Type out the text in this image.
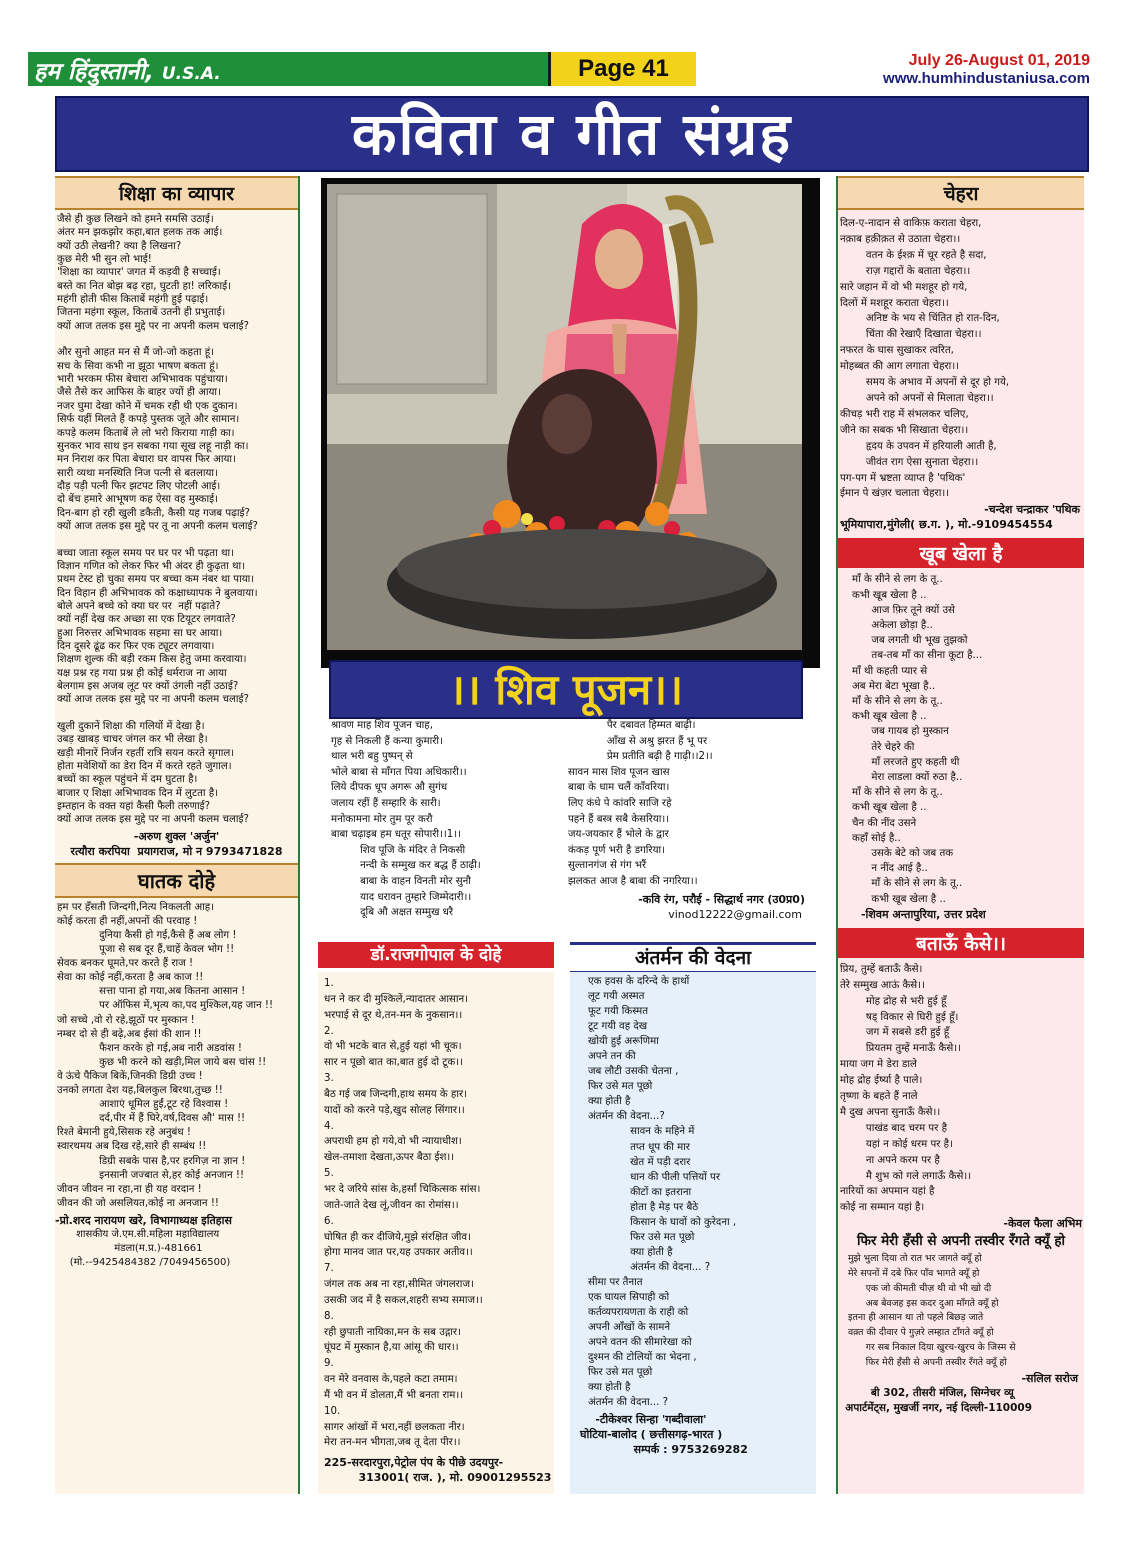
हम हिंदुस्तानी, U.S.A.	Page 41	July 26-August 01, 2019
www.humhindustaniusa.com
कविता व गीत संग्रह
शिक्षा का व्यापार
जैसे ही कुछ लिखने को हमने समसि उठाई।
अंतर मन झकझोर कहा,बात हलक तक आई।
क्यों उठी लेखनी? क्या है लिखना?
कुछ मेरी भी सुन लो भाई!
'शिक्षा का व्यापार' जगत में कड़वी है सच्चाई।
बस्ते का नित बोझ बढ़ रहा, घुटती हा! लरिकाई।
महंगी होती फीस किताबें महंगी हुई पढ़ाई।
जितना महंगा स्कूल, किताबें उतनी ही प्रभुताई।
क्यों आज तलक इस मुद्दे पर ना अपनी कलम चलाई?

और सुनो आहत मन से मैं जो-जो कहता हूं।
सच के सिवा कभी ना झूठा भाषण बकता हूं।
भारी भरकम फीस बेचारा अभिभावक पहुंचाया।
जैसे तैसे कर आफिस के बाहर ज्यों ही आया।
नजर घुमा देखा कोने में चमक रही थी एक दुकान।
सिर्फ यहीं मिलते हैं कपड़े पुस्तक जूते और सामान।
कपड़े कलम किताबें ले लो भरो किराया गाड़ी का।
सुनकर भाव साथ इन सबका गया सूख लहू नाड़ी का।
मन निराश कर पिता बेचारा घर वापस फिर आया।
सारी व्यथा मनस्थिति निज पत्नी से बतलाया।
दौड़ पड़ी पत्नी फिर झटपट लिए पोटली आई।
दो बेंच हमारे आभूषण कह ऐसा वह मुस्काई।
दिन-बाग हो रही खुली डकैती, कैसी यह गजब पढ़ाई?
क्यों आज तलक इस मुद्दे पर तू ना अपनी कलम चलाई?

बच्चा जाता स्कूल समय पर घर पर भी पढ़ता था।
विज्ञान गणित को लेकर फिर भी अंदर ही कुढ़ता था।
प्रथम टेस्ट हो चुका समय पर बच्चा कम नंबर था पाया।
दिन विहान ही अभिभावक को कक्षाध्यापक ने बुलवाया।
बोले अपने बच्चे को क्या घर पर  नहीं पढ़ाते?
क्यों नहीं देख कर अच्छा सा एक टियूटर लगवाते?
हुआ निरुत्तर अभिभावक सहमा सा घर आया।
दिन दूसरे ढूंढ कर फिर एक ट्यूटर लगवाया।
शिक्षण शुल्क की बड़ी रकम किस हेतु जमा करवाया।
यक्ष प्रश्न रह गया प्रश्न ही कोई धर्मराज ना आया
बेलगाम इस अजब लूट पर क्यों उंगली नहीं उठाई?
क्यों आज तलक इस मुद्दे पर ना अपनी कलम चलाई?

खुली दुकानें शिक्षा की गलियों में देखा है।
उबड़ खाबड़ चाचर जंगल कर भी लेखा है।
खड़ी मीनारें निर्जन रहतीं रात्रि सयन करते सृगाल।
होता मवेशियों का डेरा दिन में करते रहते जुगाल।
बच्चों का स्कूल पहुंचने में दम घुटता है।
बाजार ए शिक्षा अभिभावक दिन में लुटता है।
इम्तहान के वक्त यहां कैसी फैली तरुणाई?
क्यों आज तलक इस मुद्दे पर ना अपनी कलम चलाई?
-अरुण शुक्ल 'अर्जुन'
रत्यौरा करपिया  प्रयागराज, मो न 9793471828
घातक दोहे
हम पर हँसती जिन्दगी,नित्य निकलती आह।
कोई करता ही नहीं,अपनों की परवाह !
दुनिया कैसी हो गई,कैसे हैं अब लोग !
पूजा से सब दूर हैं,चाहें केवल भोग !!
सेवक बनकर घूमते,पर करते हैं राज !
सेवा का कोई नहीं,करता है अब काज !!
सत्ता पाना हो गया,अब कितना आसान !
पर ऑफिस में,भृत्य का,पद मुश्किल,यह जान !!
जो सच्चे ,वो रो रहे,झूठों पर मुस्कान !
नम्बर दो से ही बढ़े,अब ईसां की शान !!
फैशन करके हो गई,अब नारी अडवांस !
कुछ भी करने को खड़ी,मिल जाये बस चांस !!
वे ऊंचे पैकिज बिकें,जिनकी डिग्री उच्च !
उनको लगता देश यह,बिलकुल बिरथा,तुच्छ !!
आशाएं धूमिल हुईं,टूट रहे विश्वास !
दर्द,पीर में हैं घिरे,वर्ष,दिवस औ' मास !!
रिश्ते बेमानी हुये,सिसक रहे अनुबंध !
स्वारथमय अब दिख रहे,सारे ही सम्बंध !!
डिग्री सबके पास है,पर हरगिज़ ना ज्ञान !
इनसानी जज्बात से,हर कोई अनजान !!
जीवन जीवन ना रहा,ना ही यह वरदान !
जीवन की जो असलियत,कोई ना अनजान !!
-प्रो.शरद नारायण खरे, विभागाध्यक्ष इतिहास
शासकीय जे.एम.सी.महिला महाविद्यालय
मंडला(म.प्र.)-481661
(मो.--9425484382 /7049456500)
।। शिव पूजन।।
श्रावण माह शिव पूजन चाह,
गृह से निकली हैं कन्या कुमारी।
थाल भरी बहु पुष्पन् से
भोले बाबा से माँगत पिया अधिकारी।।
लिये दीपक धूप अगरू औ सुगंध
जलाय रहीं हैं सम्हारि के सारी।
मनोकामना मोर तुम पूर करौ
बाबा चढ़ाइब हम धतूर सोपारी।।1।।
शिव पूजि के मंदिर ते निकसी
नन्दी के सम्मुख कर बद्ध हैं ठाढ़ी।
बाबा के वाहन विनती मोर सुनौ
याद धरावन तुम्हारे जिम्मेदारी।।
दूबि औ अक्षत सम्मुख धरै
पैर दबावत हिम्मत बाढ़ी।
आँख से अश्रु झरत हैं भू पर
प्रेम प्रतीति बढ़ी है गाढ़ी।।2।।
सावन मास शिव पूजन खास
बाबा के धाम चलैं काँवरिया।
लिए कंधे पे कांवरि साजि रहे
पहने हैं बस्त्र सबै केसरिया।।
जय-जयकार हैं भोले के द्वार
कंकड़ पूर्ण भरी है डगरिया।
सुल्तानगंज से गंग भरैं
झलकत आज है बाबा की नगरिया।।
-कवि रंग, परौई - सिद्धार्थ नगर (उ0प्र0)
vinod12222@gmail.com
डॉ.राजगोपाल के दोहे
1.
धन ने कर दी मुश्किलें,न्यादातर आसान।
भरपाई से दूर थे,तन-मन के नुकसान।।
2.
वो भी भटके बात से,हुई यहां भी चूक।
सार न पूछो बात का,बात हुई दो टूक।।
3.
बैठ गई जब जिन्दगी,हाथ समय के हार।
यादों को करने पड़े,खुद सोलह सिंगार।।
4.
अपराधी हम हो गये,वो भी न्यायाधीश।
खेल-तमाशा देखता,ऊपर बैठा ईश।।
5.
भर दे जरिये सांस के,हर्सां चिकित्सक सांस।
जाते-जाते देख लूं,जीवन का रोमांस।।
6.
घोषित ही कर दीजिये,मुझे संरक्षित जीव।
होगा मानव जात पर,यह उपकार अतीव।।
7.
जंगल तक अब ना रहा,सीमित जंगलराज।
उसकी जद में है सकल,शहरी सभ्य समाज।।
8.
रही छुपाती नायिका,मन के सब उद्गार।
घूंघट में मुस्कान है,या आंसू की धार।।
9.
वन मेरे वनवास के,पहले कटा तमाम।
मैं भी वन में डोलता,मैं भी बनता राम।।
10.
सागर आंखों में भरा,नहीं छलकता नीर।
मेरा तन-मन भीगता,जब तू देता पीर।।
225-सरदारपुरा,पेट्रोल पंप के पीछे उदयपुर-
313001( राज. ), मो. 09001295523
अंतर्मन की वेदना
एक हवस के दरिन्दे के हाथों
लूट गयी अस्मत
फूट गयी किस्मत
टूट गयी वह देख
खोयी हुई अरूणिमा
अपने तन की
जब लौटी उसकी चेतना ,
फिर उसे मत पूछो
क्या होती है
अंतर्मन की वेदना...?
सावन के महिने में
तप्त धूप की मार
खेत में पड़ी दरार
धान की पीली पत्तियों पर
कीटों का इतराना
होता है मेड़ पर बैठे
किसान के घावों को कुरेदना ,
फिर उसे मत पूछो
क्या होती है
अंतर्मन की वेदना... ?
सीमा पर तैनात
एक घायल सिपाही को
कर्तव्यपरायणता के राही को
अपनी आँखों के सामने
अपने वतन की सीमारेखा को
दुश्मन की टोलियों का भेदना ,
फिर उसे मत पूछो
क्या होती है
अंतर्मन की वेदना... ?
-टीकेश्वर सिन्हा 'गब्दीवाला'
घोटिया-बालोद ( छत्तीसगढ़-भारत )
सम्पर्क : 9753269282
चेहरा
दिल-ए-नादान से वाकिफ़ कराता चेहरा,
नक़ाब हक़ीक़त से उठाता चेहरा।।
वतन के ईश्क़ में चूर रहते है सदा,
राज़ गद्दारों के बताता चेहरा।।
सारे जहान में वो भी मशहूर हो गये,
दिलों में मशहूर कराता चेहरा।।
अनिष्ट के भय से चिंतित हो रात-दिन,
चिंता की रेखाएँ दिखाता चेहरा।।
नफरत के घास सुखाकर त्वरित,
मोहब्बत की आग लगाता चेहरा।।
समय के अभाव में अपनों से दूर हो गये,
अपने को अपनों से मिलाता चेहरा।।
कीचड़ भरी राह में संभलकर चलिए,
जीने का सबक भी सिखाता चेहरा।।
हृदय के उपवन में हरियाली आती है,
जीवंत राग ऐसा सुनाता चेहरा।।
पग-पग में भ्रष्टता व्याप्त है 'पथिक'
ईमान पे खंज़र चलाता चेहरा।।
-चन्देश चन्द्राकर 'पथिक
भूमियापारा,मुंगेली( छ.ग. ), मो.-9109454554
खूब खेला है
माँ के सीने से लग के तू..
कभी खूब खेला है ..
आज फ़िर तूने क्यों उसे
अकेला छोड़ा है..
जब लगती थी भूख तुझको
तब-तब माँ का सीना कूटा है...
माँ थी कहती प्यार से
अब मेरा बेटा भूखा है..
माँ के सीने से लग के तू..
कभी खूब खेला है ..
जब गायब हो मुस्कान
तेरे चेहरे की
माँ लरजते हुए कहती थी
मेरा लाडला क्यों रुठा है..
माँ के सीने से लग के तू..
कभी खूब खेला है ..
चैन की नींद उसने
कहाँ सोई है..
उसके बेटे को जब तक
न नींद आई है..
माँ के सीने से लग के तू..
कभी खूब खेला है ..
-शिवम अन्तापुरिया, उत्तर प्रदेश
बताऊँ कैसे।।
प्रिय, तुम्हें बताऊँ कैसे।
तेरे सम्मुख आऊं कैसे।।
मोह द्रोह से भरी हुई हूँ
षड् विकार से घिरी हुई हूँ।
जग में सबसे डरी हुई हूँ
प्रियतम तुम्हें मनाऊँ कैसे।।
माया जग मे डेरा डाले
मोह द्रोह ईर्ष्या है पाले।
तृष्णा के बहते हैं नाले
मै दुख अपना सुनाऊँ कैसे।।
पाखंड बाद चरम पर है
यहां न कोई धरम पर है।
ना अपने करम पर है
मै शुभ को गले लगाऊँ कैसे।।
नारियों का अपमान यहां है
कोई ना सम्मान यहां है।
-केवल फैला अभिम
फिर मेरी हँसी से अपनी तस्वीर रँगते क्यूँ हो
मुझे भुला दिया तो रात भर जागते क्यूँ हो
मेरे सपनों में दबे फिर पाँव भागते क्यूँ हो
एक जो कीमती चीज़ थी वो भी खो दी
अब बेवजह इस कदर दुआ माँगते क्यूँ हो
इतना ही आसान था तो पहले बिछड़ जाते
वक़्त की दीवार पे गुज़रे लम्हात टाँगते क्यूँ हो
गर सब निकाल दिया खुरच-खुरच के जिस्म से
फिर मेरी हँसी से अपनी तस्वीर रँगते क्यूँ हो
-सलिल सरोज
बी 302, तीसरी मंजिल, सिग्नेचर व्यू
अपार्टमेंट्स, मुखर्जी नगर, नई दिल्ली-110009
